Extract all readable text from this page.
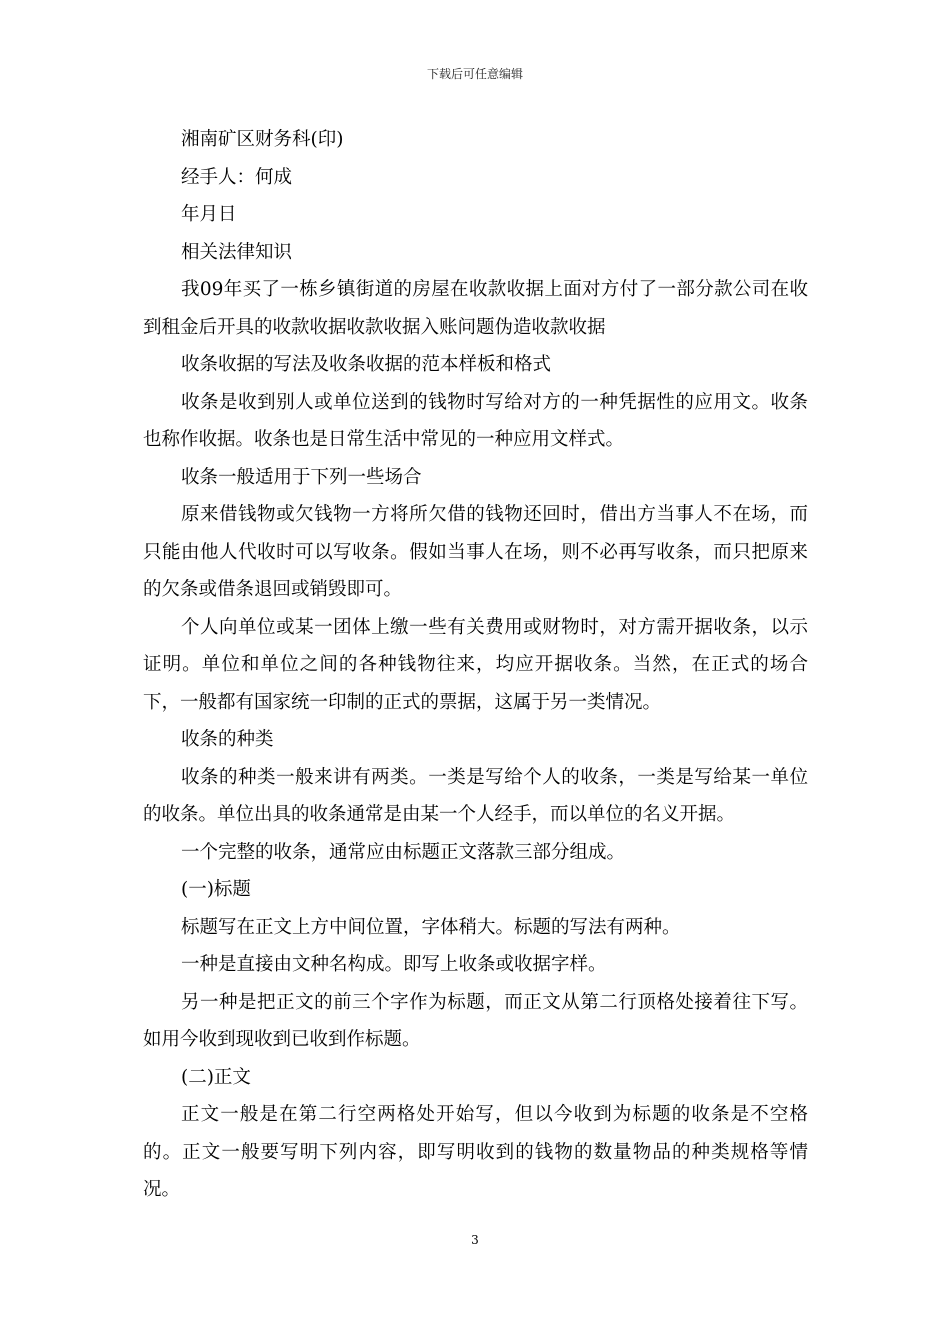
下载后可任意编辑

湘南矿区财务科(印)

经手人：何成

年月日

相关法律知识

我09年买了一栋乡镇街道的房屋在收款收据上面对方付了一部分款公司在收到租金后开具的收款收据收款收据入账问题伪造收款收据

收条收据的写法及收条收据的范本样板和格式

收条是收到别人或单位送到的钱物时写给对方的一种凭据性的应用文。收条也称作收据。收条也是日常生活中常见的一种应用文样式。

收条一般适用于下列一些场合

原来借钱物或欠钱物一方将所欠借的钱物还回时，借出方当事人不在场，而只能由他人代收时可以写收条。假如当事人在场，则不必再写收条，而只把原来的欠条或借条退回或销毁即可。

个人向单位或某一团体上缴一些有关费用或财物时，对方需开据收条，以示证明。单位和单位之间的各种钱物往来，均应开据收条。当然，在正式的场合下，一般都有国家统一印制的正式的票据，这属于另一类情况。

收条的种类

收条的种类一般来讲有两类。一类是写给个人的收条，一类是写给某一单位的收条。单位出具的收条通常是由某一个人经手，而以单位的名义开据。

一个完整的收条，通常应由标题正文落款三部分组成。

(一)标题

标题写在正文上方中间位置，字体稍大。标题的写法有两种。

一种是直接由文种名构成。即写上收条或收据字样。

另一种是把正文的前三个字作为标题，而正文从第二行顶格处接着往下写。如用今收到现收到已收到作标题。

(二)正文

正文一般是在第二行空两格处开始写，但以今收到为标题的收条是不空格的。正文一般要写明下列内容，即写明收到的钱物的数量物品的种类规格等情况。

3
